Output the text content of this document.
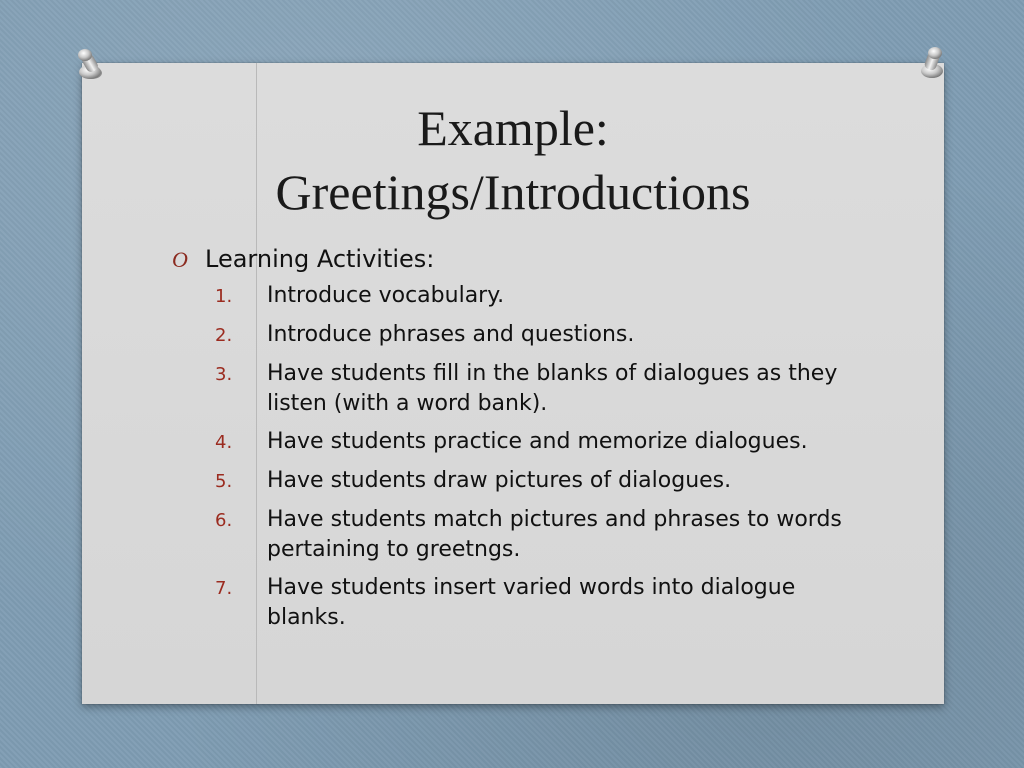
Example:
Greetings/Introductions
O Learning Activities:
1.	Introduce vocabulary.
2.	Introduce phrases and questions.
3.	Have students fill in the blanks of dialogues as they listen (with a word bank).
4.	Have students practice and memorize dialogues.
5.	Have students draw pictures of dialogues.
6.	Have students match pictures and phrases to words pertaining to greetngs.
7.	Have students insert varied words into dialogue blanks.
